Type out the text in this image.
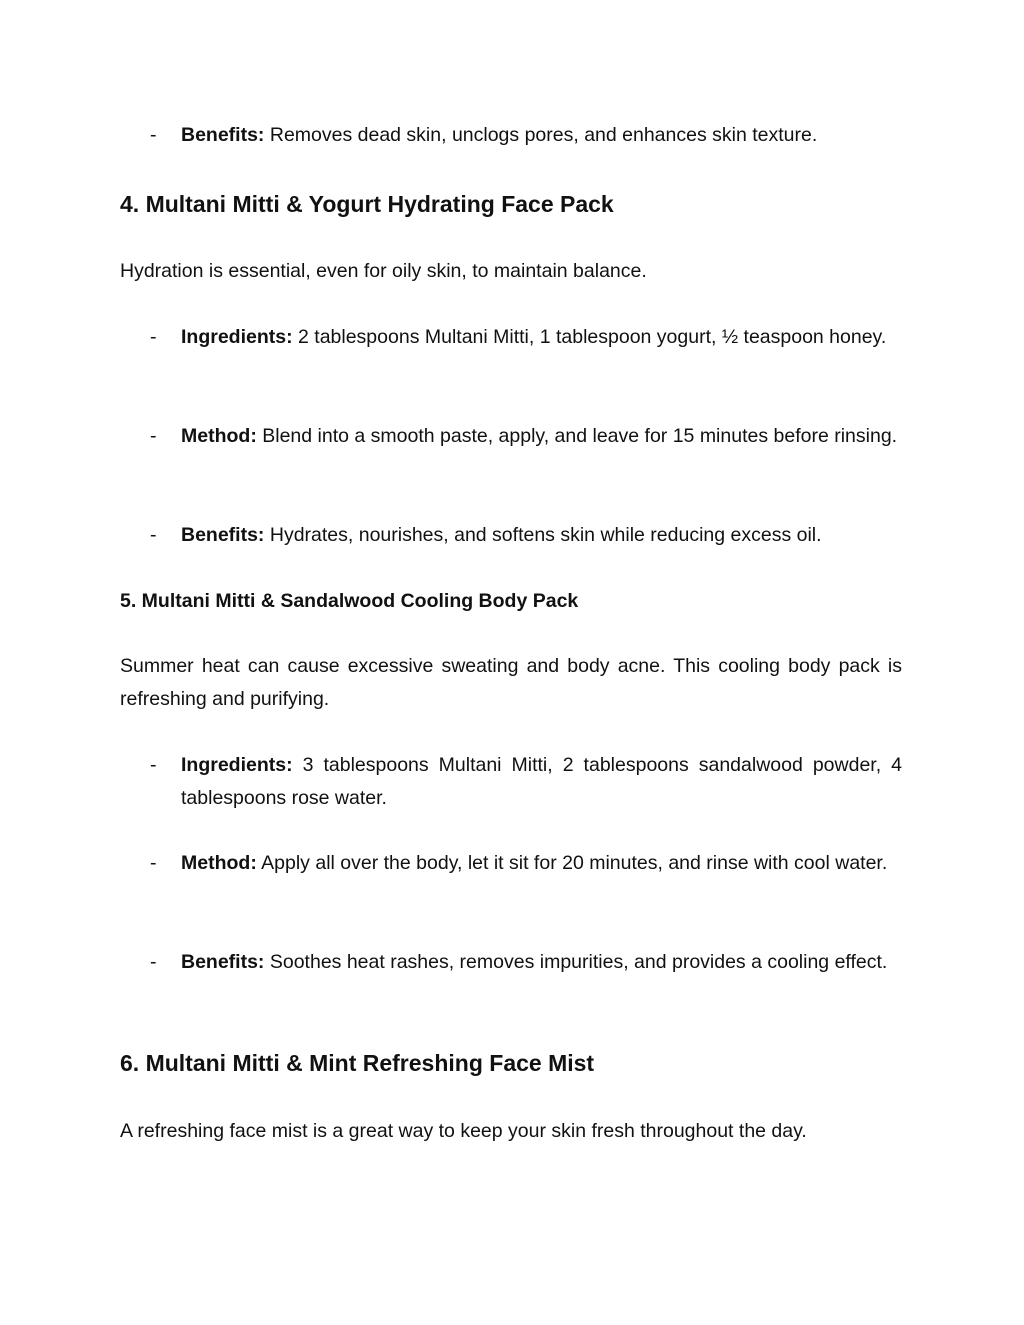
- Benefits: Removes dead skin, unclogs pores, and enhances skin texture.
4. Multani Mitti & Yogurt Hydrating Face Pack
Hydration is essential, even for oily skin, to maintain balance.
- Ingredients: 2 tablespoons Multani Mitti, 1 tablespoon yogurt, ½ teaspoon honey.
- Method: Blend into a smooth paste, apply, and leave for 15 minutes before rinsing.
- Benefits: Hydrates, nourishes, and softens skin while reducing excess oil.
5. Multani Mitti & Sandalwood Cooling Body Pack
Summer heat can cause excessive sweating and body acne. This cooling body pack is refreshing and purifying.
- Ingredients: 3 tablespoons Multani Mitti, 2 tablespoons sandalwood powder, 4 tablespoons rose water.
- Method: Apply all over the body, let it sit for 20 minutes, and rinse with cool water.
- Benefits: Soothes heat rashes, removes impurities, and provides a cooling effect.
6. Multani Mitti & Mint Refreshing Face Mist
A refreshing face mist is a great way to keep your skin fresh throughout the day.
